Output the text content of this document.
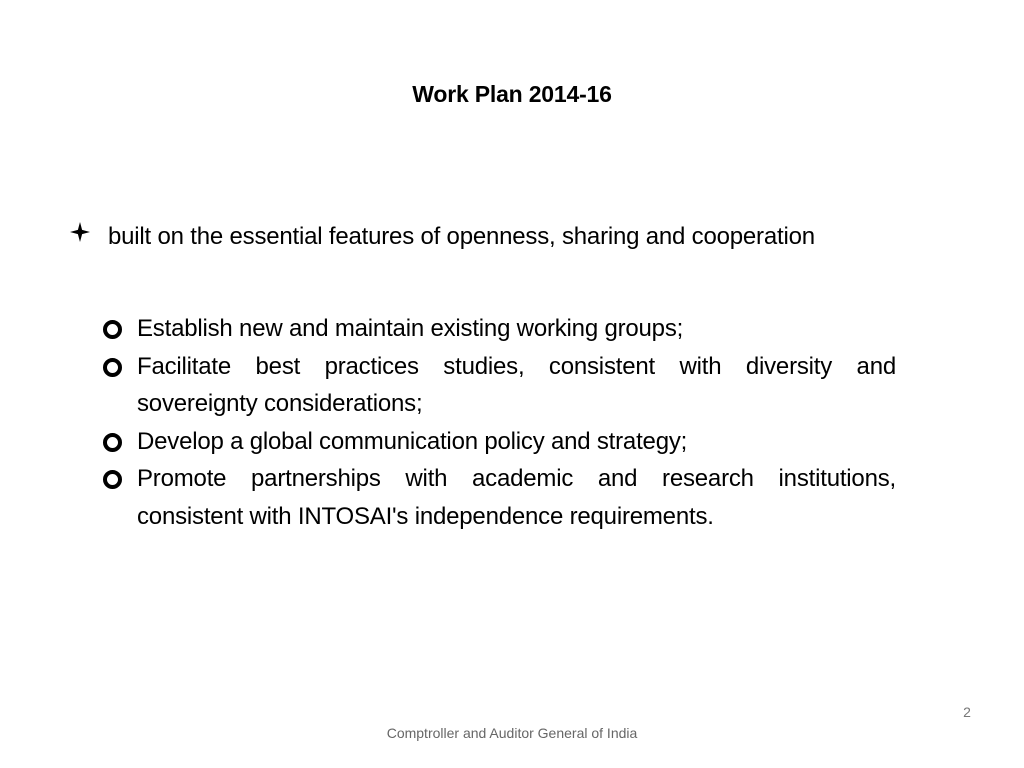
Work Plan 2014-16
built on the essential features of openness, sharing and cooperation
Establish new and maintain existing working groups;
Facilitate best practices studies, consistent with diversity and sovereignty considerations;
Develop a global communication policy and strategy;
Promote partnerships with academic and research institutions, consistent with INTOSAI's independence requirements.
2
Comptroller and Auditor General of India
